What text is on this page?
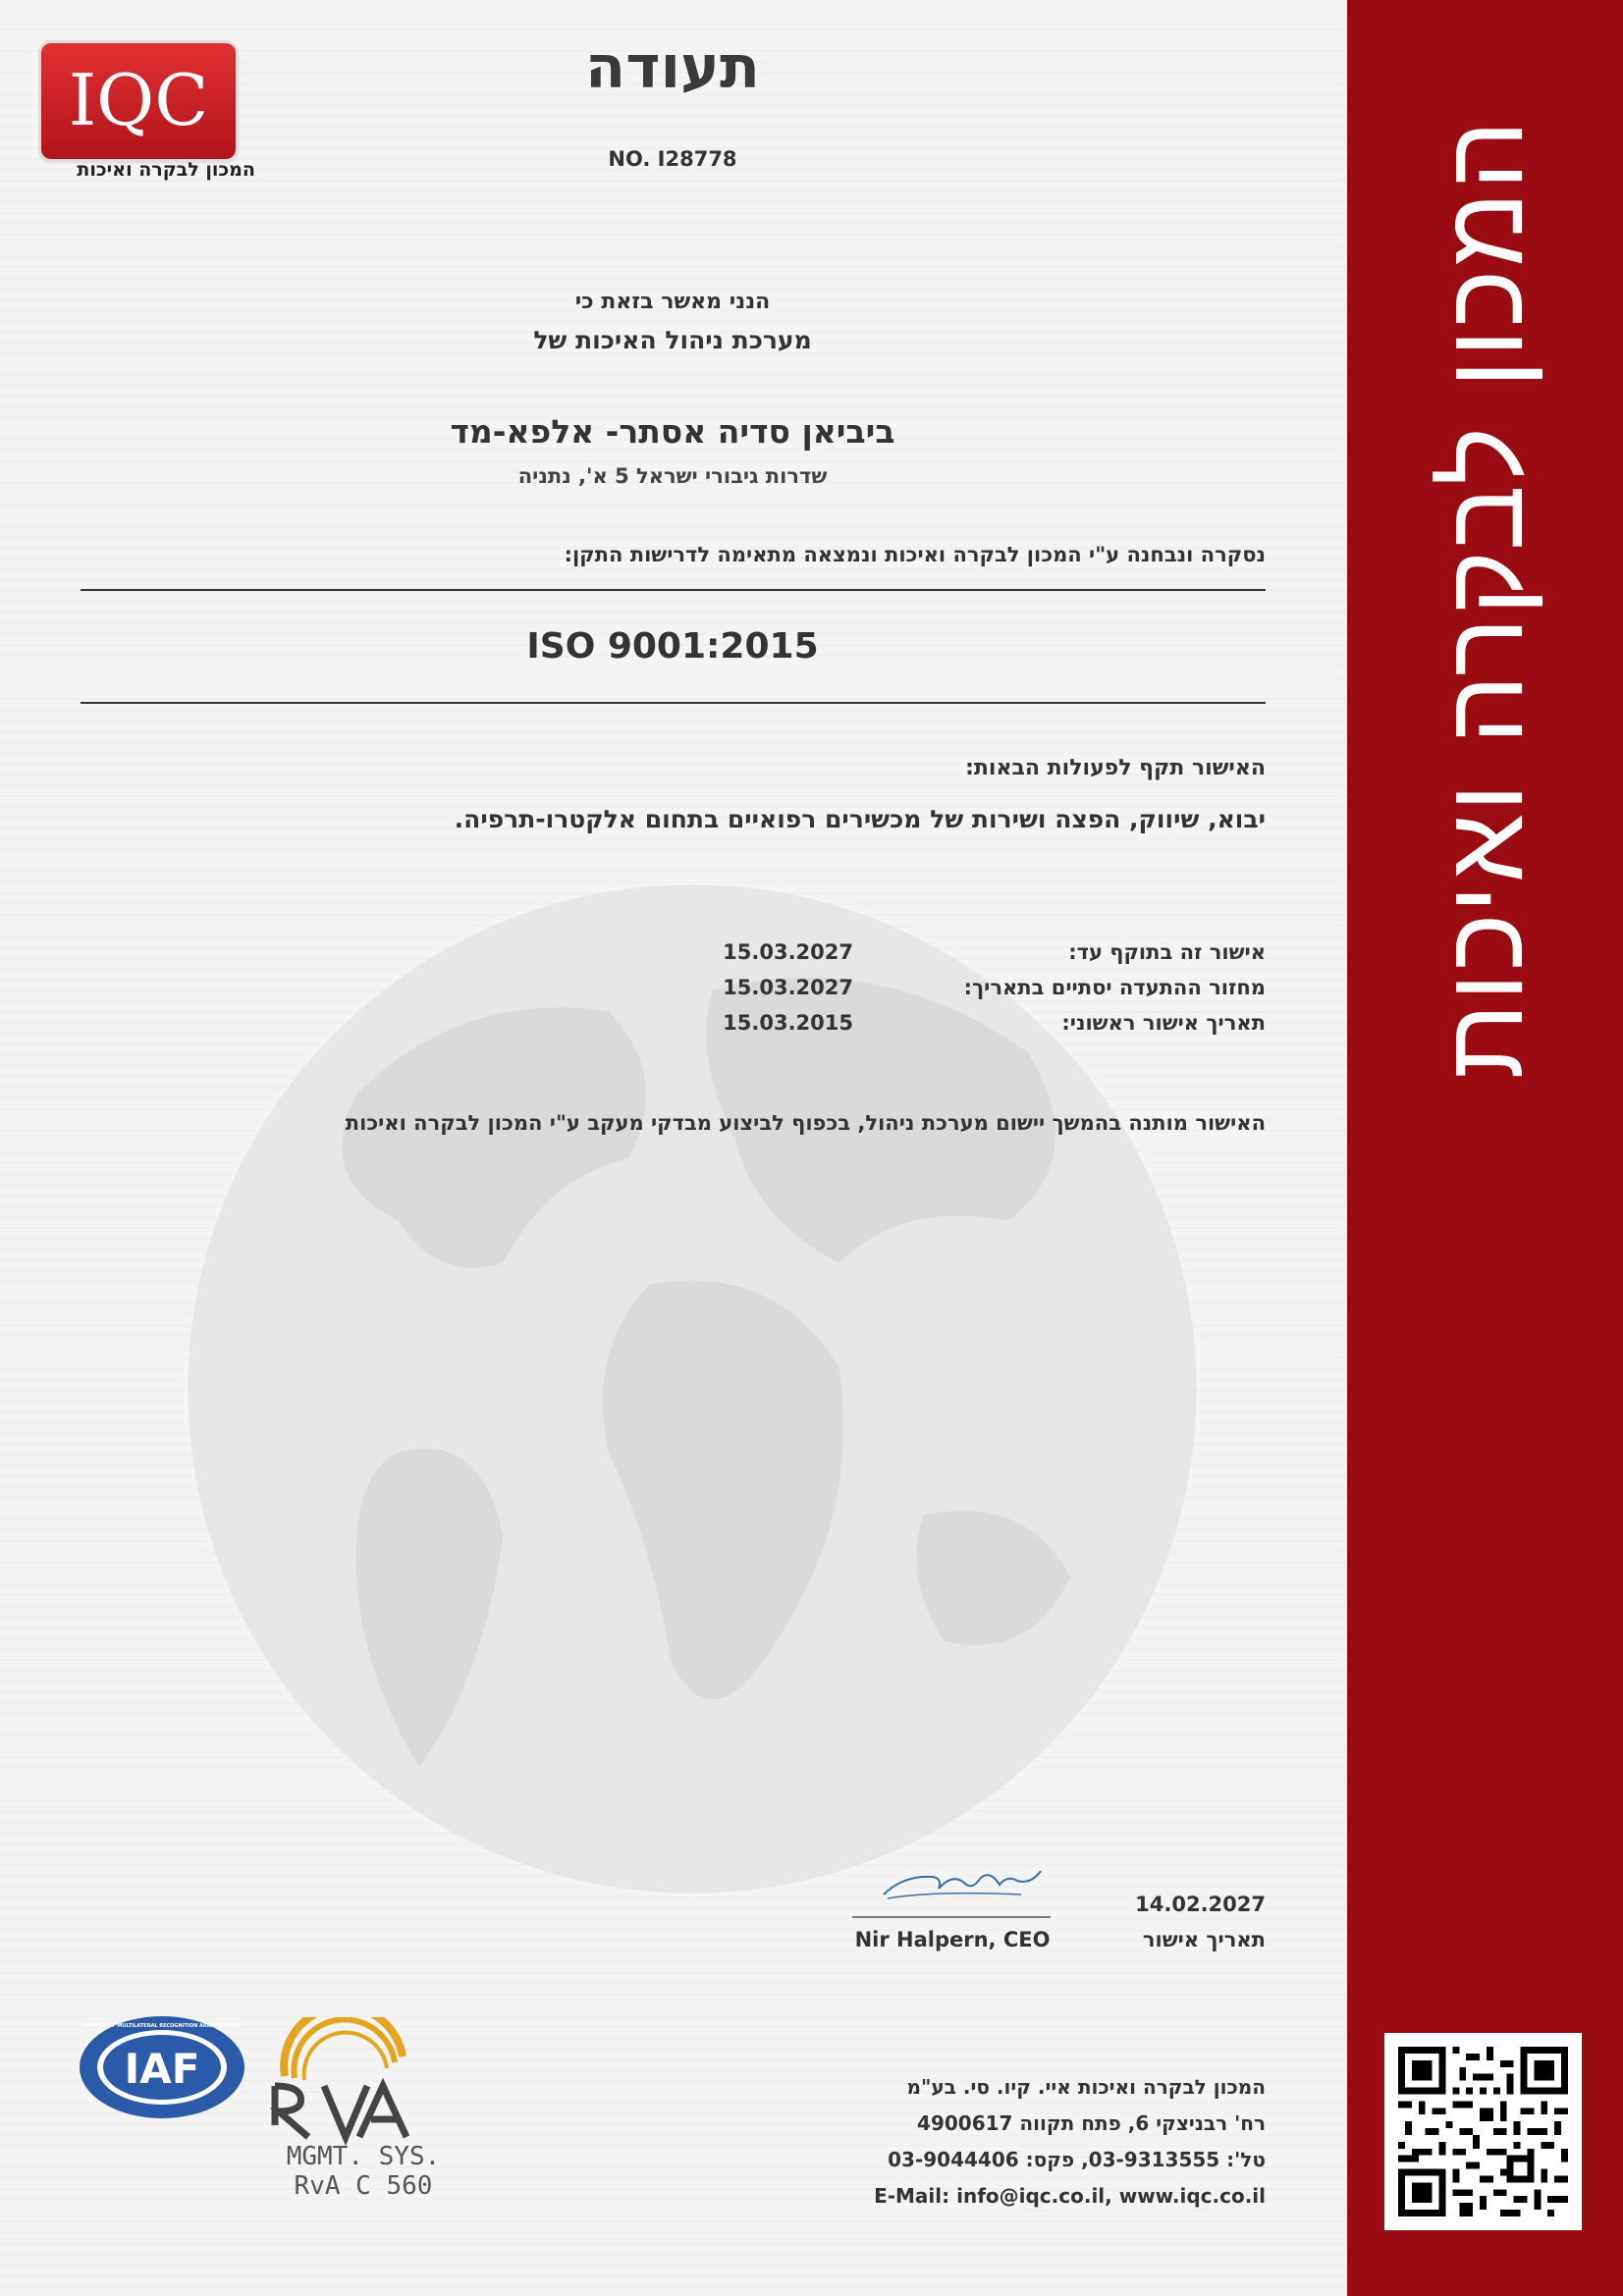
המכון לבקרה ואיכות
IQC
המכון לבקרה ואיכות
תעודה
NO. I28778
הנני מאשר בזאת כי
מערכת ניהול האיכות של
ביביאן סדיה אסתר- אלפא-מד
שדרות גיבורי ישראל 5 א', נתניה
נסקרה ונבחנה ע"י המכון לבקרה ואיכות ונמצאה מתאימה לדרישות התקן:
ISO 9001:2015
האישור תקף לפעולות הבאות:
יבוא, שיווק, הפצה ושירות של מכשירים רפואיים בתחום אלקטרו-תרפיה.
אישור זה בתוקף עד:
15.03.2027
מחזור ההתעדה יסתיים בתאריך:
15.03.2027
תאריך אישור ראשוני:
15.03.2015
האישור מותנה בהמשך יישום מערכת ניהול, בכפוף לביצוע מבדקי מעקב ע"י המכון לבקרה ואיכות
Nir Halpern, CEO
14.02.2027
תאריך אישור
IAF
MEMBER OF MULTILATERAL RECOGNITION ARRANGEMENT
MGMT. SYS.
RvA C 560
המכון לבקרה ואיכות איי. קיו. סי. בע"מ
רח' רבניצקי 6, פתח תקווה 4900617
טל': 03-9313555, פקס: 03-9044406
E-Mail: info@iqc.co.il, www.iqc.co.il
